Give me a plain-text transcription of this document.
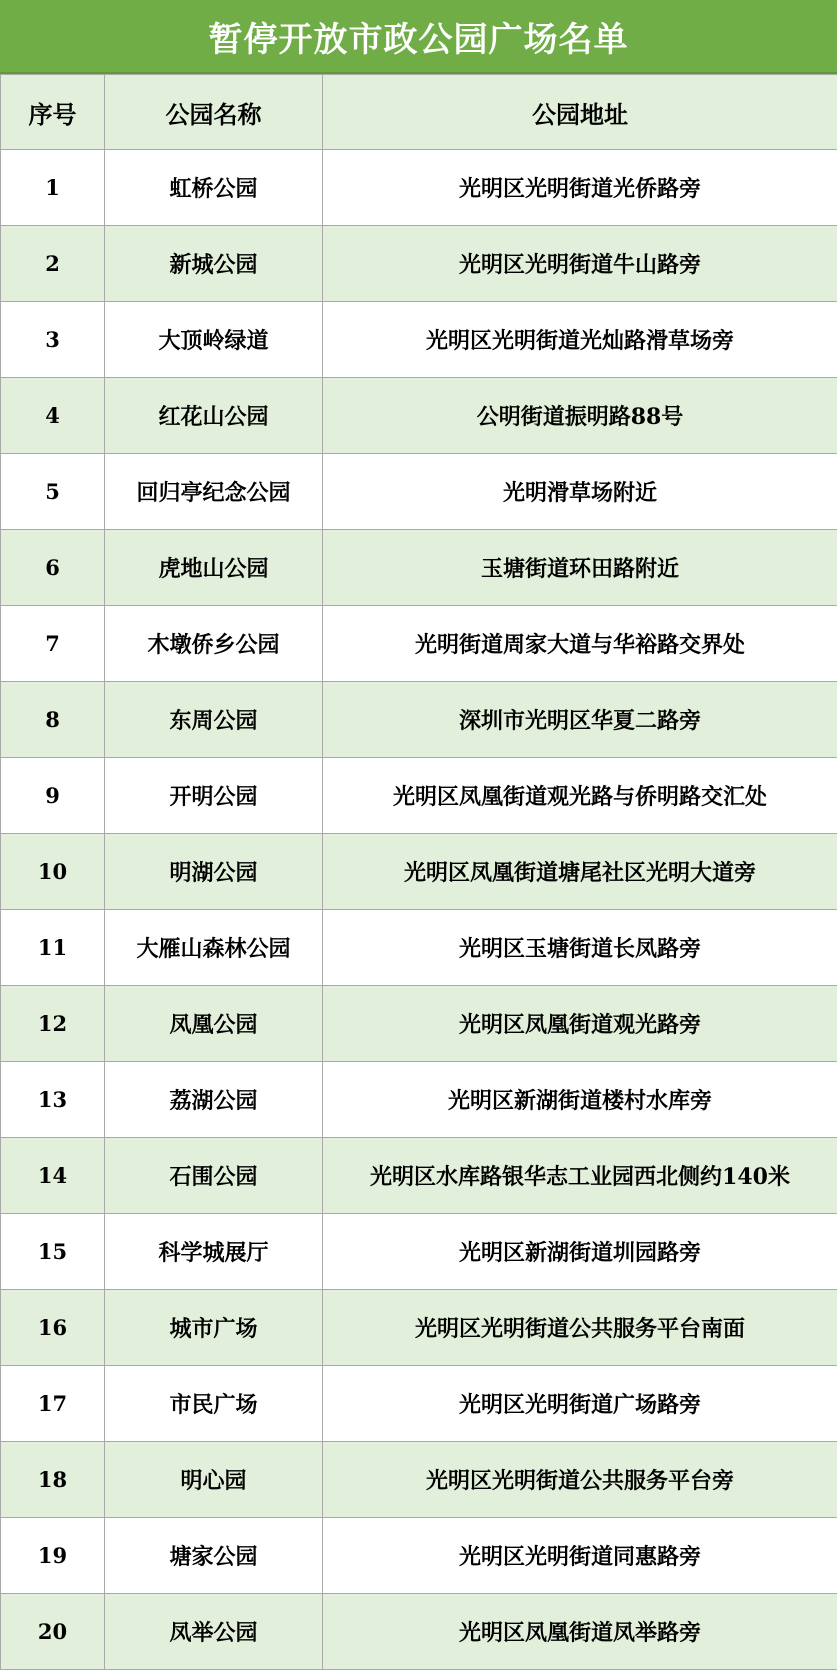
暂停开放市政公园广场名单
序号	公园名称	公园地址
1	虹桥公园	光明区光明街道光侨路旁
2	新城公园	光明区光明街道牛山路旁
3	大顶岭绿道	光明区光明街道光灿路滑草场旁
4	红花山公园	公明街道振明路88号
5	回归亭纪念公园	光明滑草场附近
6	虎地山公园	玉塘街道环田路附近
7	木墩侨乡公园	光明街道周家大道与华裕路交界处
8	东周公园	深圳市光明区华夏二路旁
9	开明公园	光明区凤凰街道观光路与侨明路交汇处
10	明湖公园	光明区凤凰街道塘尾社区光明大道旁
11	大雁山森林公园	光明区玉塘街道长凤路旁
12	凤凰公园	光明区凤凰街道观光路旁
13	荔湖公园	光明区新湖街道楼村水库旁
14	石围公园	光明区水库路银华志工业园西北侧约140米
15	科学城展厅	光明区新湖街道圳园路旁
16	城市广场	光明区光明街道公共服务平台南面
17	市民广场	光明区光明街道广场路旁
18	明心园	光明区光明街道公共服务平台旁
19	塘家公园	光明区光明街道同惠路旁
20	凤举公园	光明区凤凰街道凤举路旁
